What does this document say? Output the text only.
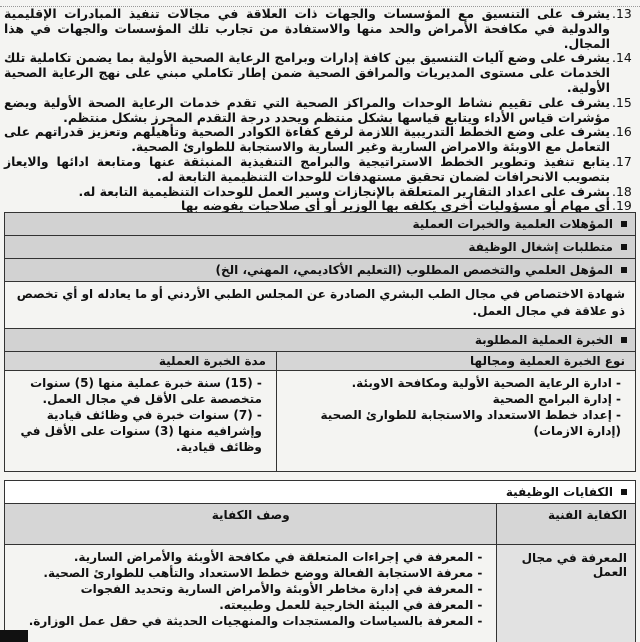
13.
يشرف على التنسيق مع المؤسسات والجهات ذات العلاقة في مجالات تنفيذ المبادرات الإقليمية والدولية في مكافحة الأمراض والحد منها والاستفادة من تجارب تلك المؤسسات والجهات في هذا المجال.
14.
يشرف على وضع آليات التنسيق بين كافة إدارات وبرامج الرعاية الصحية الأولية بما يضمن تكاملية تلك الخدمات على مستوى المديريات والمرافق الصحية ضمن إطار تكاملي مبني على نهج الرعاية الصحية الأولية.
15.
يشرف على تقييم نشاط الوحدات والمراكز الصحية التي تقدم خدمات الرعاية الصحة الأولية ويضع مؤشرات قياس الأداء ويتابع قياسها بشكل منتظم ويحدد درجة التقدم المحرز بشكل منتظم.
16.
يشرف على وضع الخطط التدريبية اللازمة لرفع كفاءة الكوادر الصحية وتأهيلهم وتعزيز قدراتهم على التعامل مع الاوبئة والامراض السارية وغير السارية والاستجابة للطوارئ الصحية.
17.
يتابع تنفيذ وتطوير الخطط الاستراتيجية والبرامج التنفيذية المنبثقة عنها ومتابعة ادائها والايعاز بتصويب الانحرافات لضمان تحقيق مستهدفات للوحدات التنظيمية التابعة له.
18.
يشرف على اعداد التقارير المتعلقة بالإنجازات وسير العمل للوحدات التنظيمية التابعة له.
19.
أي مهام أو مسؤوليات أخرى يكلفه بها الوزير أو أي صلاحيات يفوضه بها
المؤهلات العلمية والخبرات العملية
متطلبات إشغال الوظيفة
المؤهل العلمي والتخصص المطلوب (التعليم الأكاديمي، المهني، الخ)
شهادة الاختصاص في مجال الطب البشري الصادرة عن المجلس الطبي الأردني أو ما يعادله او أي تخصص ذو علاقة في مجال العمل.
الخبرة العملية المطلوبة
نوع الخبرة العملية ومجالها
- ادارة الرعاية الصحية الأولية ومكافحة الاوبئة.
- إدارة البرامج الصحية
- إعداد خطط الاستعداد والاستجابة للطوارئ الصحية (إدارة الازمات)
مدة الخبرة العملية
- (15) سنة خبرة عملية منها (5) سنوات متخصصة على الأقل في مجال العمل.
- (7) سنوات خبرة في وظائف قيادية وإشرافيه منها (3) سنوات على الأقل في وظائف قيادية.
الكفايات الوظيفية
الكفاية الفنية
وصف الكفاية
المعرفة في مجال العمل
- المعرفة في إجراءات المتعلقة في مكافحة الأوبئة والأمراض السارية.
- معرفة الاستجابة الفعالة ووضع خطط الاستعداد والتأهب للطوارئ الصحية.
- المعرفة في إدارة مخاطر الأوبئة والأمراض السارية وتحديد الفجوات
- المعرفة في البيئة الخارجية للعمل وطبيعته.
- المعرفة بالسياسات والمستجدات والمنهجيات الحديثة في حقل عمل الوزارة.
